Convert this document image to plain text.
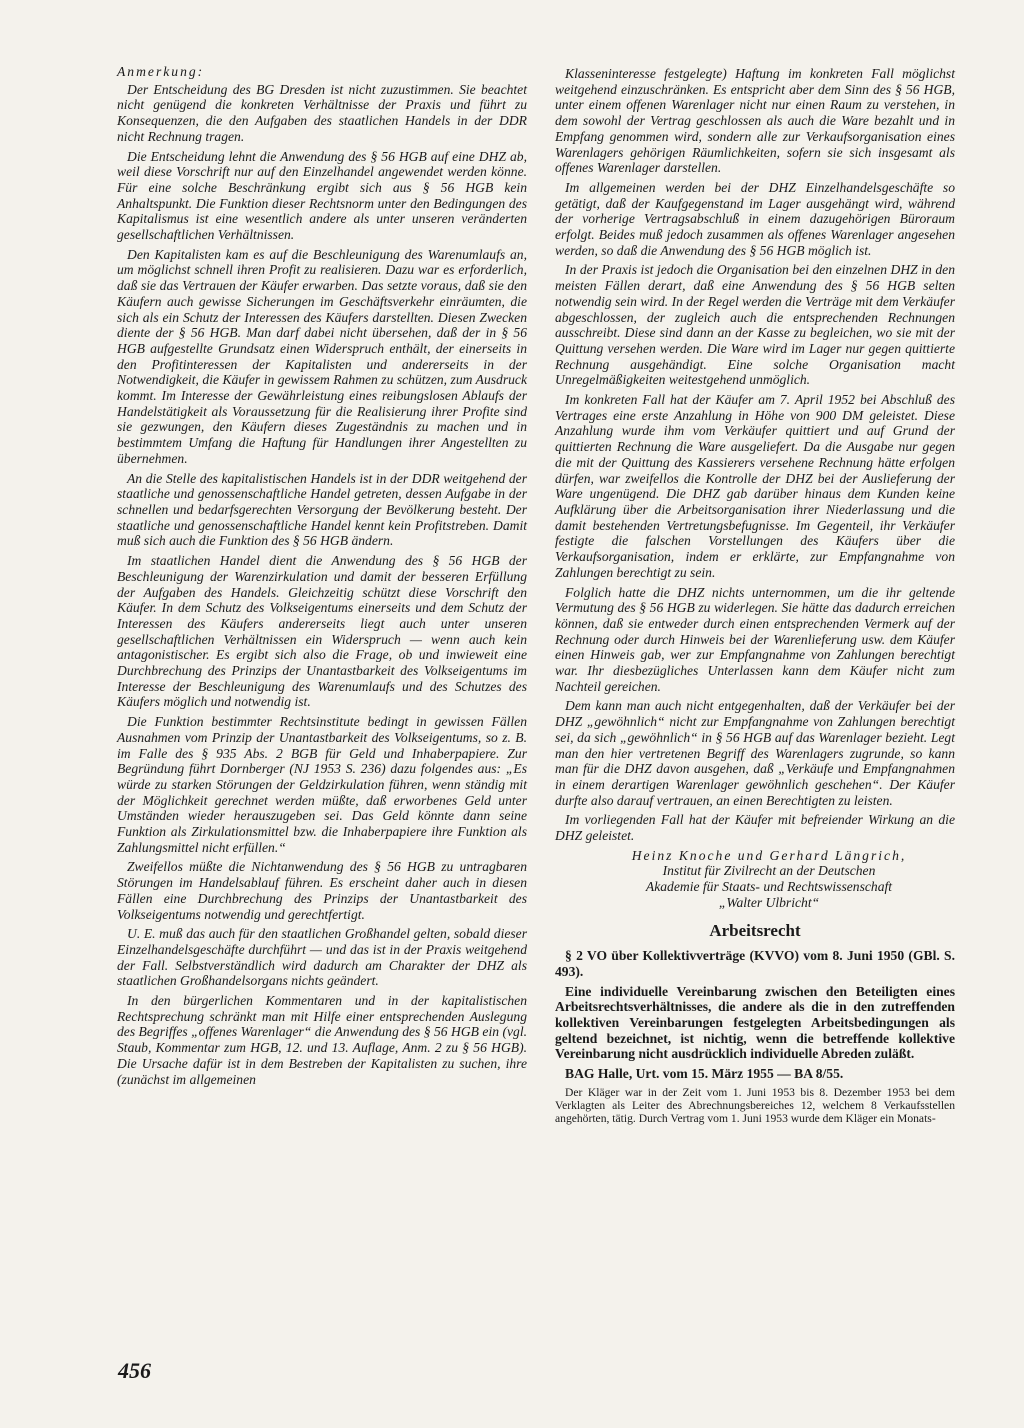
Anmerkung:

Der Entscheidung des BG Dresden ist nicht zuzustimmen. Sie beachtet nicht genügend die konkreten Verhältnisse der Praxis und führt zu Konsequenzen, die den Aufgaben des staatlichen Handels in der DDR nicht Rechnung tragen.

Die Entscheidung lehnt die Anwendung des § 56 HGB auf eine DHZ ab, weil diese Vorschrift nur auf den Einzelhandel angewendet werden könne. Für eine solche Beschränkung ergibt sich aus § 56 HGB kein Anhaltspunkt. Die Funktion dieser Rechtsnorm unter den Bedingungen des Kapitalismus ist eine wesentlich andere als unter unseren veränderten gesellschaftlichen Verhältnissen.

Den Kapitalisten kam es auf die Beschleunigung des Warenumlaufs an, um möglichst schnell ihren Profit zu realisieren. Dazu war es erforderlich, daß sie das Vertrauen der Käufer erwarben. Das setzte voraus, daß sie den Käufern auch gewisse Sicherungen im Geschäftsverkehr einräumten, die sich als ein Schutz der Interessen des Käufers darstellten. Diesen Zwecken diente der § 56 HGB. Man darf dabei nicht übersehen, daß der in § 56 HGB aufgestellte Grundsatz einen Widerspruch enthält, der einerseits in den Profitinteressen der Kapitalisten und andererseits in der Notwendigkeit, die Käufer in gewissem Rahmen zu schützen, zum Ausdruck kommt. Im Interesse der Gewährleistung eines reibungslosen Ablaufs der Handelstätigkeit als Voraussetzung für die Realisierung ihrer Profite sind sie gezwungen, den Käufern dieses Zugeständnis zu machen und in bestimmtem Umfang die Haftung für Handlungen ihrer Angestellten zu übernehmen.

An die Stelle des kapitalistischen Handels ist in der DDR weitgehend der staatliche und genossenschaftliche Handel getreten, dessen Aufgabe in der schnellen und bedarfsgerechten Versorgung der Bevölkerung besteht. Der staatliche und genossenschaftliche Handel kennt kein Profitstreben. Damit muß sich auch die Funktion des § 56 HGB ändern.

Im staatlichen Handel dient die Anwendung des § 56 HGB der Beschleunigung der Warenzirkulation und damit der besseren Erfüllung der Aufgaben des Handels. Gleichzeitig schützt diese Vorschrift den Käufer. In dem Schutz des Volkseigentums einerseits und dem Schutz der Interessen des Käufers andererseits liegt auch unter unseren gesellschaftlichen Verhältnissen ein Widerspruch — wenn auch kein antagonistischer. Es ergibt sich also die Frage, ob und inwieweit eine Durchbrechung des Prinzips der Unantastbarkeit des Volkseigentums im Interesse der Beschleunigung des Warenumlaufs und des Schutzes des Käufers möglich und notwendig ist.

Die Funktion bestimmter Rechtsinstitute bedingt in gewissen Fällen Ausnahmen vom Prinzip der Unantastbarkeit des Volkseigentums, so z. B. im Falle des § 935 Abs. 2 BGB für Geld und Inhaberpapiere. Zur Begründung führt Dornberger (NJ 1953 S. 236) dazu folgendes aus: „Es würde zu starken Störungen der Geldzirkulation führen, wenn ständig mit der Möglichkeit gerechnet werden müßte, daß erworbenes Geld unter Umständen wieder herauszugeben sei. Das Geld könnte dann seine Funktion als Zirkulationsmittel bzw. die Inhaberpapiere ihre Funktion als Zahlungsmittel nicht erfüllen.“

Zweifellos müßte die Nichtanwendung des § 56 HGB zu untragbaren Störungen im Handelsablauf führen. Es erscheint daher auch in diesen Fällen eine Durchbrechung des Prinzips der Unantastbarkeit des Volkseigentums notwendig und gerechtfertigt.

U. E. muß das auch für den staatlichen Großhandel gelten, sobald dieser Einzelhandelsgeschäfte durchführt — und das ist in der Praxis weitgehend der Fall. Selbstverständlich wird dadurch am Charakter der DHZ als staatlichen Großhandelsorgans nichts geändert.

In den bürgerlichen Kommentaren und in der kapitalistischen Rechtsprechung schränkt man mit Hilfe einer entsprechenden Auslegung des Begriffes „offenes Warenlager“ die Anwendung des § 56 HGB ein (vgl. Staub, Kommentar zum HGB, 12. und 13. Auflage, Anm. 2 zu § 56 HGB). Die Ursache dafür ist in dem Bestreben der Kapitalisten zu suchen, ihre (zunächst im allgemeinen

Klasseninteresse festgelegte) Haftung im konkreten Fall möglichst weitgehend einzuschränken. Es entspricht aber dem Sinn des § 56 HGB, unter einem offenen Warenlager nicht nur einen Raum zu verstehen, in dem sowohl der Vertrag geschlossen als auch die Ware bezahlt und in Empfang genommen wird, sondern alle zur Verkaufsorganisation eines Warenlagers gehörigen Räumlichkeiten, sofern sie sich insgesamt als offenes Warenlager darstellen.

Im allgemeinen werden bei der DHZ Einzelhandelsgeschäfte so getätigt, daß der Kaufgegenstand im Lager ausgehängt wird, während der vorherige Vertragsabschluß in einem dazugehörigen Büroraum erfolgt. Beides muß jedoch zusammen als offenes Warenlager angesehen werden, so daß die Anwendung des § 56 HGB möglich ist.

In der Praxis ist jedoch die Organisation bei den einzelnen DHZ in den meisten Fällen derart, daß eine Anwendung des § 56 HGB selten notwendig sein wird. In der Regel werden die Verträge mit dem Verkäufer abgeschlossen, der zugleich auch die entsprechenden Rechnungen ausschreibt. Diese sind dann an der Kasse zu begleichen, wo sie mit der Quittung versehen werden. Die Ware wird im Lager nur gegen quittierte Rechnung ausgehändigt. Eine solche Organisation macht Unregelmäßigkeiten weitestgehend unmöglich.

Im konkreten Fall hat der Käufer am 7. April 1952 bei Abschluß des Vertrages eine erste Anzahlung in Höhe von 900 DM geleistet. Diese Anzahlung wurde ihm vom Verkäufer quittiert und auf Grund der quittierten Rechnung die Ware ausgeliefert. Da die Ausgabe nur gegen die mit der Quittung des Kassierers versehene Rechnung hätte erfolgen dürfen, war zweifellos die Kontrolle der DHZ bei der Auslieferung der Ware ungenügend. Die DHZ gab darüber hinaus dem Kunden keine Aufklärung über die Arbeitsorganisation ihrer Niederlassung und die damit bestehenden Vertretungsbefugnisse. Im Gegenteil, ihr Verkäufer festigte die falschen Vorstellungen des Käufers über die Verkaufsorganisation, indem er erklärte, zur Empfangnahme von Zahlungen berechtigt zu sein.

Folglich hatte die DHZ nichts unternommen, um die ihr geltende Vermutung des § 56 HGB zu widerlegen. Sie hätte das dadurch erreichen können, daß sie entweder durch einen entsprechenden Vermerk auf der Rechnung oder durch Hinweis bei der Warenlieferung usw. dem Käufer einen Hinweis gab, wer zur Empfangnahme von Zahlungen berechtigt war. Ihr diesbezügliches Unterlassen kann dem Käufer nicht zum Nachteil gereichen.

Dem kann man auch nicht entgegenhalten, daß der Verkäufer bei der DHZ „gewöhnlich“ nicht zur Empfangnahme von Zahlungen berechtigt sei, da sich „gewöhnlich“ in § 56 HGB auf das Warenlager bezieht. Legt man den hier vertretenen Begriff des Warenlagers zugrunde, so kann man für die DHZ davon ausgehen, daß „Verkäufe und Empfangnahmen in einem derartigen Warenlager gewöhnlich geschehen“. Der Käufer durfte also darauf vertrauen, an einen Berechtigten zu leisten.

Im vorliegenden Fall hat der Käufer mit befreiender Wirkung an die DHZ geleistet.

Heinz Knoche und Gerhard Längrich,
Institut für Zivilrecht an der Deutschen
Akademie für Staats- und Rechtswissenschaft
„Walter Ulbricht“
Arbeitsrecht

§ 2 VO über Kollektivverträge (KVVO) vom 8. Juni 1950 (GBl. S. 493).

Eine individuelle Vereinbarung zwischen den Beteiligten eines Arbeitsrechtsverhältnisses, die andere als die in den zutreffenden kollektiven Vereinbarungen festgelegten Arbeitsbedingungen als geltend bezeichnet, ist nichtig, wenn die betreffende kollektive Vereinbarung nicht ausdrücklich individuelle Abreden zuläßt.

BAG Halle, Urt. vom 15. März 1955 — BA 8/55.

Der Kläger war in der Zeit vom 1. Juni 1953 bis 8. Dezember 1953 bei dem Verklagten als Leiter des Abrechnungsbereiches 12, welchem 8 Verkaufsstellen angehörten, tätig. Durch Vertrag vom 1. Juni 1953 wurde dem Kläger ein Monats-

456
